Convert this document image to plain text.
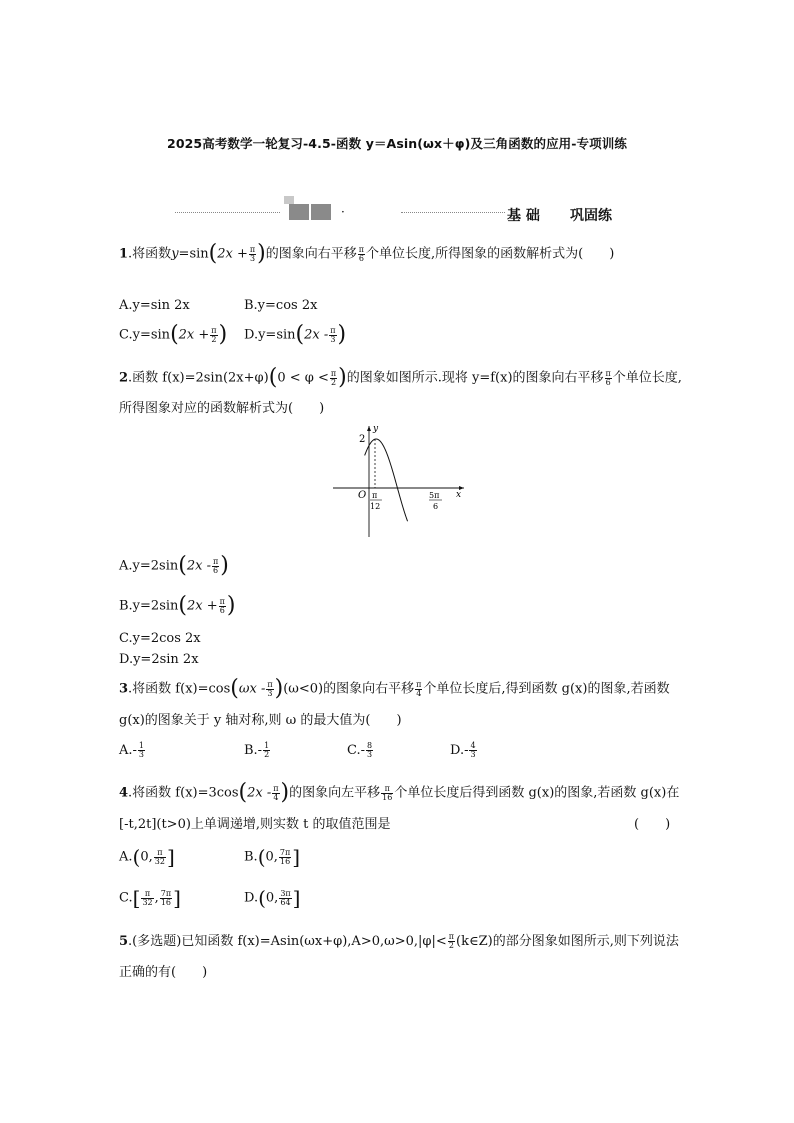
2025高考数学一轮复习-4.5-函数 y＝Asin(ωx＋φ)及三角函数的应用-专项训练
·	基 础 巩固练
1.将函数$y=\sin(2x + \frac{\pi}{3}$ )的图象向右平移 $\frac{\pi}{6}$ 个单位长度,所得图象的函数解析式为(　　)
A.y=sin 2x	B.y=cos 2x
$C.y=\sin(2x + \frac{\pi}{2}$ ) $D.y=\sin(2x - \frac{\pi}{3}$ )
2.函数 $f(x)=2\sin(2x+\varphi)(0 < \varphi < \frac{\pi}{2}$ )的图象如图所示.现将 y=f(x)的图象向右平移 $\frac{\pi}{6}$ 个单位长度,
所得图象对应的函数解析式为(　　)
2
y
x
O π
12
5π
6
$A.y=2\sin(2x - \frac{\pi}{6}$ )
$B.y=2\sin(2x + \frac{\pi}{6}$ )
C.y=2cos 2x
D.y=2sin 2x
3.将函数 $f(x)=\cos(\omega x - \frac{\pi}{3} )(\omega<0)$的图象向右平移 $\frac{\pi}{4}$ 个单位长度后,得到函数 g(x)的图象,若函数
g(x)的图象关于 y 轴对称,则 ω 的最大值为(　　)
$A.- \frac{1}{3}$	$B.- \frac{1}{2}$	$C.- \frac{8}{3}$	$D.- \frac{4}{3}$
4.将函数 $f(x)=3\cos(2x - \frac{\pi}{4}$ )的图象向左平移 $\frac{\pi}{16}$ 个单位长度后得到函数 g(x)的图象,若函数 g(x)在
[-t,2t](t>0)上单调递增,则实数 t 的取值范围是	(　　)
A.(0, $\frac{\pi}{32}$ ]	B.(0, $\frac{7\pi}{16}$ ]
$C.[ \frac{\pi}{32}$ , $\frac{7\pi}{16}$ ]	D.(0, $\frac{3\pi}{64}$ ]
5.(多选题)已知函数 $f(x)=Asin(\omega x+\varphi),A>0,\omega>0,|\varphi|< \frac{\pi}{2}$ (k∈Z)的部分图象如图所示,则下列说法
正确的有(　　)
